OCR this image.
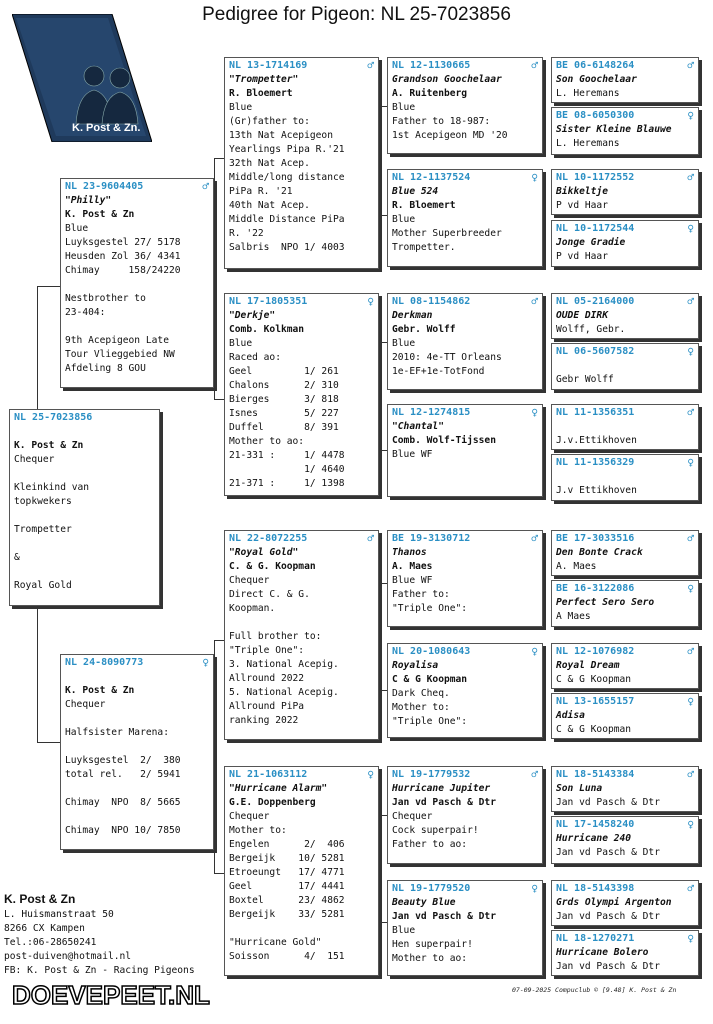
Pedigree for Pigeon: NL 25-7023856
K. Post & Zn.
NL 25-7023856

K. Post & Zn
Chequer

Kleinkind van
topkwekers

Trompetter

&

Royal Gold
NL 23-9604405	♂
"Philly"
K. Post & Zn
Blue
Luyksgestel 27/ 5178
Heusden Zol 36/ 4341
Chimay     158/24220

Nestbrother to
23-404:

9th Acepigeon Late
Tour Vlieggebied NW
Afdeling 8 GOU
NL 24-8090773	♀

K. Post & Zn
Chequer

Halfsister Marena:

Luyksgestel  2/  380
total rel.   2/ 5941

Chimay  NPO  8/ 5665

Chimay  NPO 10/ 7850
NL 13-1714169	♂
"Trompetter"
R. Bloemert
Blue
(Gr)father to:
13th Nat Acepigeon
Yearlings Pipa R.'21
32th Nat Acep.
Middle/long distance
PiPa R. '21
40th Nat Acep.
Middle Distance PiPa
R. '22
Salbris  NPO 1/ 4003
NL 17-1805351	♀
"Derkje"
Comb. Kolkman
Blue
Raced ao:
Geel         1/ 261
Chalons      2/ 310
Bierges      3/ 818
Isnes        5/ 227
Duffel       8/ 391
Mother to ao:
21-331 :     1/ 4478
1/ 4640
21-371 :     1/ 1398
NL 22-8072255	♂
"Royal Gold"
C. & G. Koopman
Chequer
Direct C. & G.
Koopman.

Full brother to:
"Triple One":
3. National Acepig.
Allround 2022
5. National Acepig.
Allround PiPa
ranking 2022
NL 21-1063112	♀
"Hurricane Alarm"
G.E. Doppenberg
Chequer
Mother to:
Engelen      2/  406
Bergeijk    10/ 5281
Etroeungt   17/ 4771
Geel        17/ 4441
Boxtel      23/ 4862
Bergeijk    33/ 5281

"Hurricane Gold"
Soisson      4/  151
NL 12-1130665	♂
Grandson Goochelaar
A. Ruitenberg
Blue
Father to 18-987:
1st Acepigeon MD '20
NL 12-1137524	♀
Blue 524
R. Bloemert
Blue
Mother Superbreeder
Trompetter.
NL 08-1154862	♂
Derkman
Gebr. Wolff
Blue
2010: 4e-TT Orleans
1e-EF+1e-TotFond
NL 12-1274815	♀
"Chantal"
Comb. Wolf-Tijssen
Blue WF
BE 19-3130712	♂
Thanos
A. Maes
Blue WF
Father to:
"Triple One":
NL 20-1080643	♀
Royalisa
C & G Koopman
Dark Cheq.
Mother to:
"Triple One":
NL 19-1779532	♂
Hurricane Jupiter
Jan vd Pasch & Dtr
Chequer
Cock superpair!
Father to ao:
NL 19-1779520	♀
Beauty Blue
Jan vd Pasch & Dtr
Blue
Hen superpair!
Mother to ao:
BE 06-6148264	♂
Son Goochelaar
L. Heremans
BE 08-6050300	♀
Sister Kleine Blauwe
L. Heremans
NL 10-1172552	♂
Bikkeltje
P vd Haar
NL 10-1172544	♀
Jonge Gradie
P vd Haar
NL 05-2164000	♂
OUDE DIRK
Wolff, Gebr.
NL 06-5607582	♀

Gebr Wolff
NL 11-1356351	♂

J.v.Ettikhoven
NL 11-1356329	♀

J.v Ettikhoven
BE 17-3033516	♂
Den Bonte Crack
A. Maes
BE 16-3122086	♀
Perfect Sero Sero
A Maes
NL 12-1076982	♂
Royal Dream
C & G Koopman
NL 13-1655157	♀
Adisa
C & G Koopman
NL 18-5143384	♂
Son Luna
Jan vd Pasch & Dtr
NL 17-1458240	♀
Hurricane 240
Jan vd Pasch & Dtr
NL 18-5143398	♂
Grds Olympi Argenton
Jan vd Pasch & Dtr
NL 18-1270271	♀
Hurricane Bolero
Jan vd Pasch & Dtr
K. Post & Zn
L. Huismanstraat 50
8266 CX Kampen
Tel.:06-28650241
post-duiven@hotmail.nl
FB: K. Post & Zn - Racing Pigeons
DOEVEPEET.NL	07-09-2025 Compuclub © [9.48] K. Post & Zn
